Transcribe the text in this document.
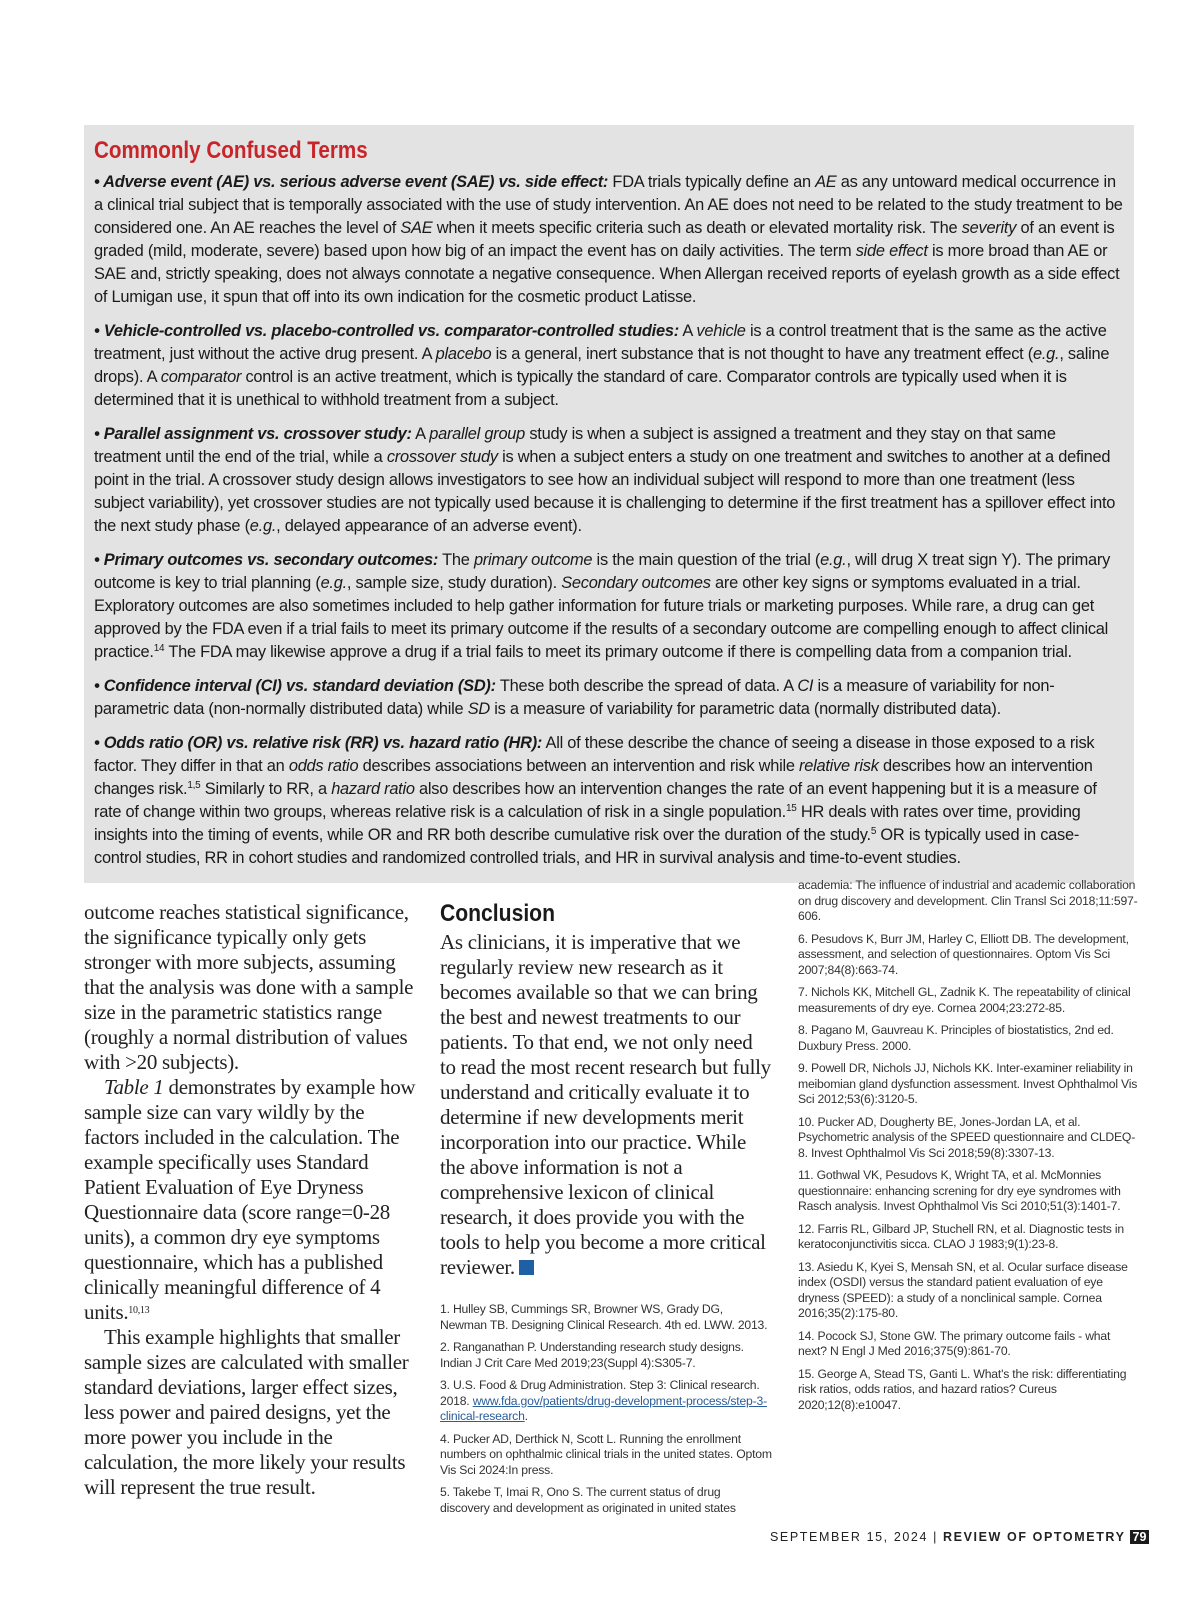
Commonly Confused Terms

• Adverse event (AE) vs. serious adverse event (SAE) vs. side effect: FDA trials typically define an AE as any untoward medical occurrence in a clinical trial subject that is temporally associated with the use of study intervention. An AE does not need to be related to the study treatment to be considered one. An AE reaches the level of SAE when it meets specific criteria such as death or elevated mortality risk. The severity of an event is graded (mild, moderate, severe) based upon how big of an impact the event has on daily activities. The term side effect is more broad than AE or SAE and, strictly speaking, does not always connotate a negative consequence. When Allergan received reports of eyelash growth as a side effect of Lumigan use, it spun that off into its own indication for the cosmetic product Latisse.

• Vehicle-controlled vs. placebo-controlled vs. comparator-controlled studies: A vehicle is a control treatment that is the same as the active treatment, just without the active drug present. A placebo is a general, inert substance that is not thought to have any treatment effect (e.g., saline drops). A comparator control is an active treatment, which is typically the standard of care. Comparator controls are typically used when it is determined that it is unethical to withhold treatment from a subject.

• Parallel assignment vs. crossover study: A parallel group study is when a subject is assigned a treatment and they stay on that same treatment until the end of the trial, while a crossover study is when a subject enters a study on one treatment and switches to another at a defined point in the trial. A crossover study design allows investigators to see how an individual subject will respond to more than one treatment (less subject variability), yet crossover studies are not typically used because it is challenging to determine if the first treatment has a spillover effect into the next study phase (e.g., delayed appearance of an adverse event).

• Primary outcomes vs. secondary outcomes: The primary outcome is the main question of the trial (e.g., will drug X treat sign Y). The primary outcome is key to trial planning (e.g., sample size, study duration). Secondary outcomes are other key signs or symptoms evaluated in a trial. Exploratory outcomes are also sometimes included to help gather information for future trials or marketing purposes. While rare, a drug can get approved by the FDA even if a trial fails to meet its primary outcome if the results of a secondary outcome are compelling enough to affect clinical practice.$^{14}$ The FDA may likewise approve a drug if a trial fails to meet its primary outcome if there is compelling data from a companion trial.

• Confidence interval (CI) vs. standard deviation (SD): These both describe the spread of data. A CI is a measure of variability for non-parametric data (non-normally distributed data) while SD is a measure of variability for parametric data (normally distributed data).

• Odds ratio (OR) vs. relative risk (RR) vs. hazard ratio (HR): All of these describe the chance of seeing a disease in those exposed to a risk factor. They differ in that an odds ratio describes associations between an intervention and risk while relative risk describes how an intervention changes risk.$^{1,5}$ Similarly to RR, a hazard ratio also describes how an intervention changes the rate of an event happening but it is a measure of rate of change within two groups, whereas relative risk is a calculation of risk in a single population.$^{15}$ HR deals with rates over time, providing insights into the timing of events, while OR and RR both describe cumulative risk over the duration of the study.$^5$ OR is typically used in case-control studies, RR in cohort studies and randomized controlled trials, and HR in survival analysis and time-to-event studies.

outcome reaches statistical significance, the significance typically only gets stronger with more subjects, assuming that the analysis was done with a sample size in the parametric statistics range (roughly a normal distribution of values with >20 subjects).

Table 1 demonstrates by example how sample size can vary wildly by the factors included in the calculation. The example specifically uses Standard Patient Evaluation of Eye Dryness Questionnaire data (score range=0-28 units), a common dry eye symptoms questionnaire, which has a published clinically meaningful difference of 4 units.$^{10,13}$

This example highlights that smaller sample sizes are calculated with smaller standard deviations, larger effect sizes, less power and paired designs, yet the more power you include in the calculation, the more likely your results will represent the true result.

Conclusion

As clinicians, it is imperative that we regularly review new research as it becomes available so that we can bring the best and newest treatments to our patients. To that end, we not only need to read the most recent research but fully understand and critically evaluate it to determine if new developments merit incorporation into our practice. While the above information is not a comprehensive lexicon of clinical research, it does provide you with the tools to help you become a more critical reviewer.

1. Hulley SB, Cummings SR, Browner WS, Grady DG, Newman TB. Designing Clinical Research. 4th ed. LWW. 2013.

2. Ranganathan P. Understanding research study designs. Indian J Crit Care Med 2019;23(Suppl 4):S305-7.

3. U.S. Food & Drug Administration. Step 3: Clinical research. 2018. www.fda.gov/patients/drug-development-process/step-3-clinical-research.

4. Pucker AD, Derthick N, Scott L. Running the enrollment numbers on ophthalmic clinical trials in the united states. Optom Vis Sci 2024:In press.

5. Takebe T, Imai R, Ono S. The current status of drug discovery and development as originated in united states

academia: The influence of industrial and academic collaboration on drug discovery and development. Clin Transl Sci 2018;11:597-606.

6. Pesudovs K, Burr JM, Harley C, Elliott DB. The development, assessment, and selection of questionnaires. Optom Vis Sci 2007;84(8):663-74.

7. Nichols KK, Mitchell GL, Zadnik K. The repeatability of clinical measurements of dry eye. Cornea 2004;23:272-85.

8. Pagano M, Gauvreau K. Principles of biostatistics, 2nd ed. Duxbury Press. 2000.

9. Powell DR, Nichols JJ, Nichols KK. Inter-examiner reliability in meibomian gland dysfunction assessment. Invest Ophthalmol Vis Sci 2012;53(6):3120-5.

10. Pucker AD, Dougherty BE, Jones-Jordan LA, et al. Psychometric analysis of the SPEED questionnaire and CLDEQ-8. Invest Ophthalmol Vis Sci 2018;59(8):3307-13.

11. Gothwal VK, Pesudovs K, Wright TA, et al. McMonnies questionnaire: enhancing screning for dry eye syndromes with Rasch analysis. Invest Ophthalmol Vis Sci 2010;51(3):1401-7.

12. Farris RL, Gilbard JP, Stuchell RN, et al. Diagnostic tests in keratoconjunctivitis sicca. CLAO J 1983;9(1):23-8.

13. Asiedu K, Kyei S, Mensah SN, et al. Ocular surface disease index (OSDI) versus the standard patient evaluation of eye dryness (SPEED): a study of a nonclinical sample. Cornea 2016;35(2):175-80.

14. Pocock SJ, Stone GW. The primary outcome fails - what next? N Engl J Med 2016;375(9):861-70.

15. George A, Stead TS, Ganti L. What's the risk: differentiating risk ratios, odds ratios, and hazard ratios? Cureus 2020;12(8):e10047.

SEPTEMBER 15, 2024 | REVIEW OF OPTOMETRY 79
